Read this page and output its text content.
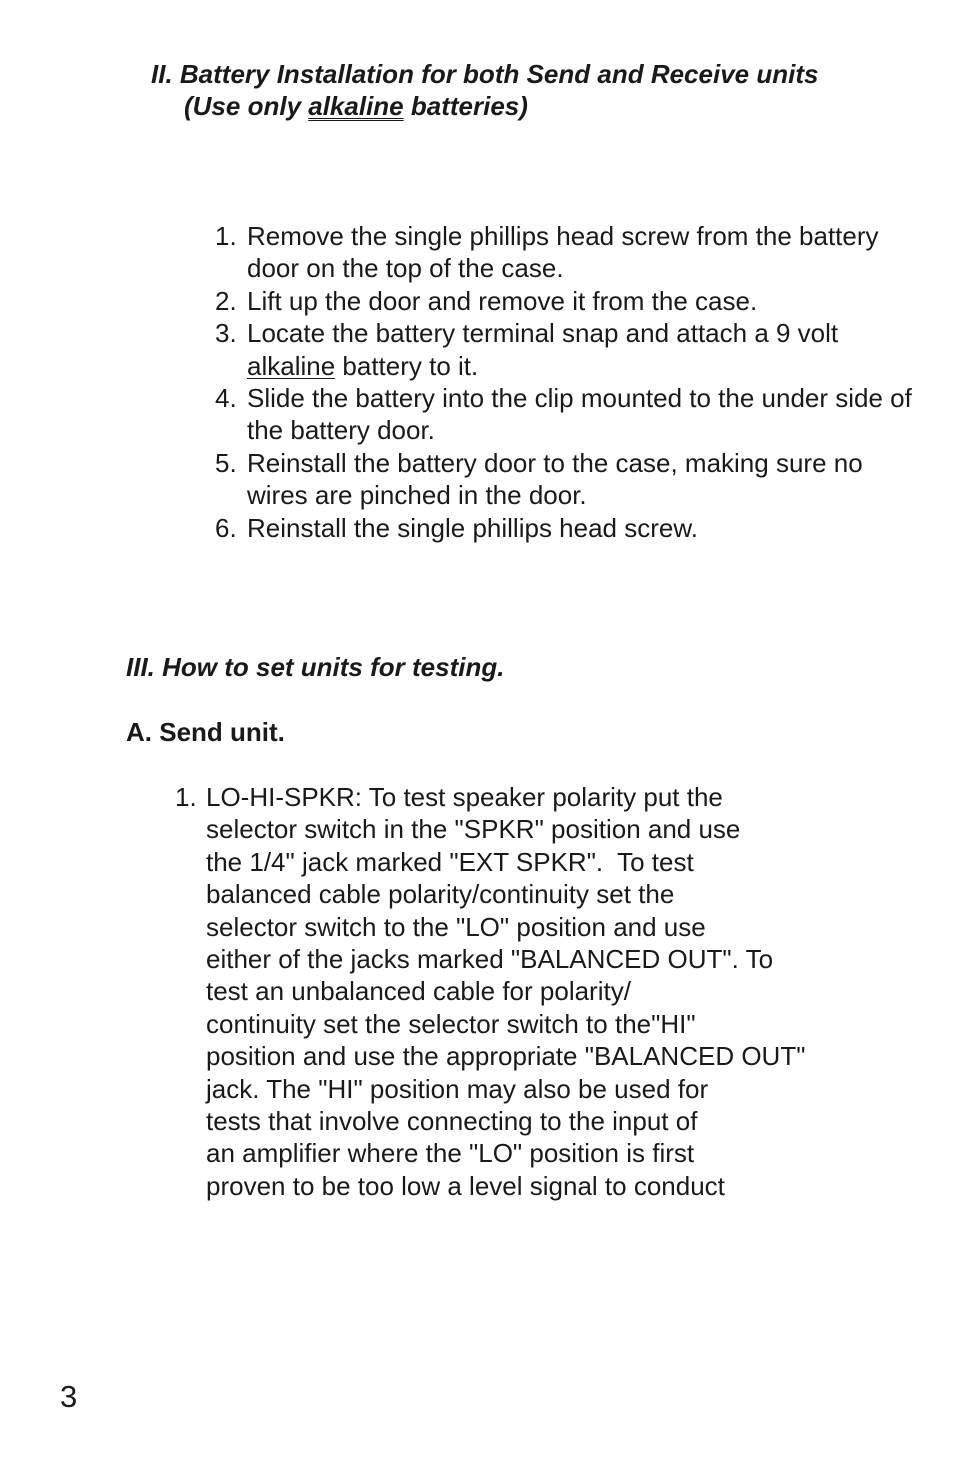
II. Battery Installation for both Send and Receive units
(Use only alkaline batteries)
1. Remove the single phillips head screw from the battery door on the top of the case.
2. Lift up the door and remove it from the case.
3. Locate the battery terminal snap and attach a 9 volt alkaline battery to it.
4. Slide the battery into the clip mounted to the under side of the battery door.
5. Reinstall the battery door to the case, making sure no wires are pinched in the door.
6. Reinstall the single phillips head screw.
III. How to set units for testing.
A. Send unit.
1. LO-HI-SPKR: To test speaker polarity put the
selector switch in the "SPKR" position and use
the 1/4" jack marked "EXT SPKR".  To test
balanced cable polarity/continuity set the
selector switch to the "LO" position and use
either of the jacks marked "BALANCED OUT". To
test an unbalanced cable for polarity/
continuity set the selector switch to the"HI"
position and use the appropriate "BALANCED OUT"
jack. The "HI" position may also be used for
tests that involve connecting to the input of
an amplifier where the "LO" position is first
proven to be too low a level signal to conduct
3
